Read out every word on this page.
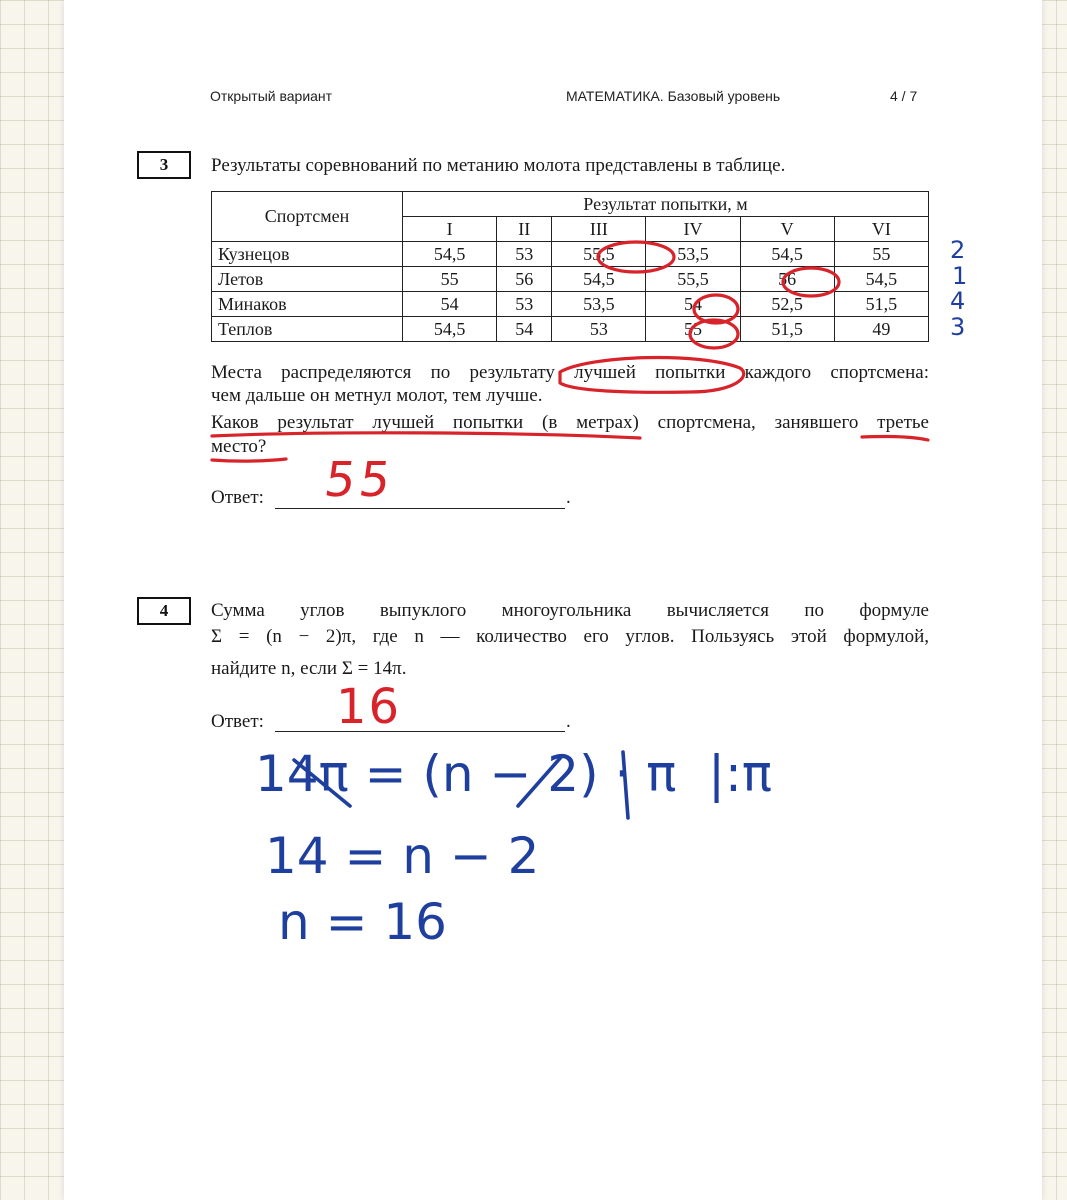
Открытый вариант	МАТЕМАТИКА. Базовый уровень	4 / 7
3	Результаты соревнований по метанию молота представлены в таблице.
Спортсмен	Результат попытки, м					
	I	II	III	IV	V	VI
Кузнецов	54,5	53	55,5	53,5	54,5	55
Летов	55	56	54,5	55,5	56	54,5
Минаков	54	53	53,5	54	52,5	51,5
Теплов	54,5	54	53	55	51,5	49
Места распределяются по результату лучшей попытки каждого спортсмена:
чем дальше он метнул молот, тем лучше.
Каков результат лучшей попытки (в метрах) спортсмена, занявшего третье
место?
Ответ:	.
55
2
1
4
3
4	Сумма углов выпуклого многоугольника вычисляется по формуле
Σ = (n − 2)π, где n — количество его углов. Пользуясь этой формулой,
найдите n, если Σ = 14π.
Ответ:	.
16
14π = (n − 2) · π  |:π
14 = n − 2
n = 16
